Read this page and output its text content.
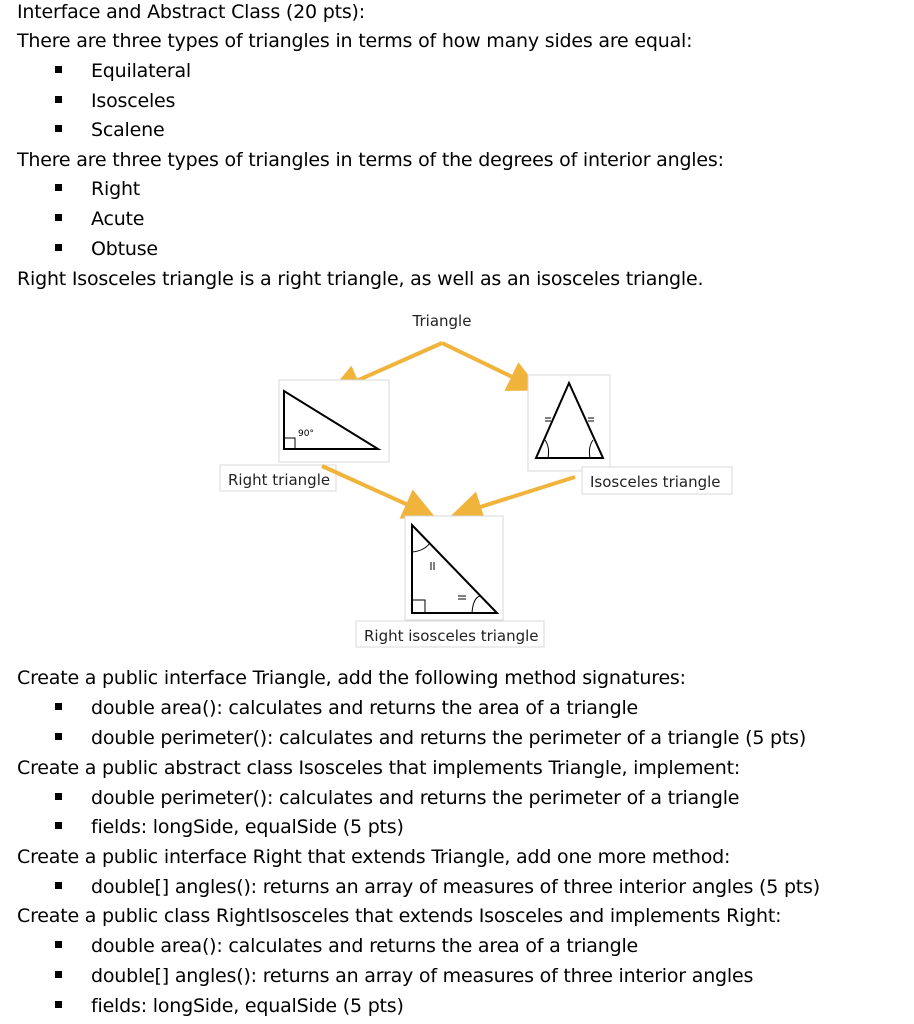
Interface and Abstract Class (20 pts):
There are three types of triangles in terms of how many sides are equal:
Equilateral
Isosceles
Scalene
There are three types of triangles in terms of the degrees of interior angles:
Right
Acute
Obtuse
Right Isosceles triangle is a right triangle, as well as an isosceles triangle.
Triangle
90°
Right triangle	Isosceles triangle
Right isosceles triangle
Create a public interface Triangle, add the following method signatures:
double area(): calculates and returns the area of a triangle
double perimeter(): calculates and returns the perimeter of a triangle (5 pts)
Create a public abstract class Isosceles that implements Triangle, implement:
double perimeter(): calculates and returns the perimeter of a triangle
fields: longSide, equalSide (5 pts)
Create a public interface Right that extends Triangle, add one more method:
double[] angles(): returns an array of measures of three interior angles (5 pts)
Create a public class RightIsosceles that extends Isosceles and implements Right:
double area(): calculates and returns the area of a triangle
double[] angles(): returns an array of measures of three interior angles
fields: longSide, equalSide (5 pts)
